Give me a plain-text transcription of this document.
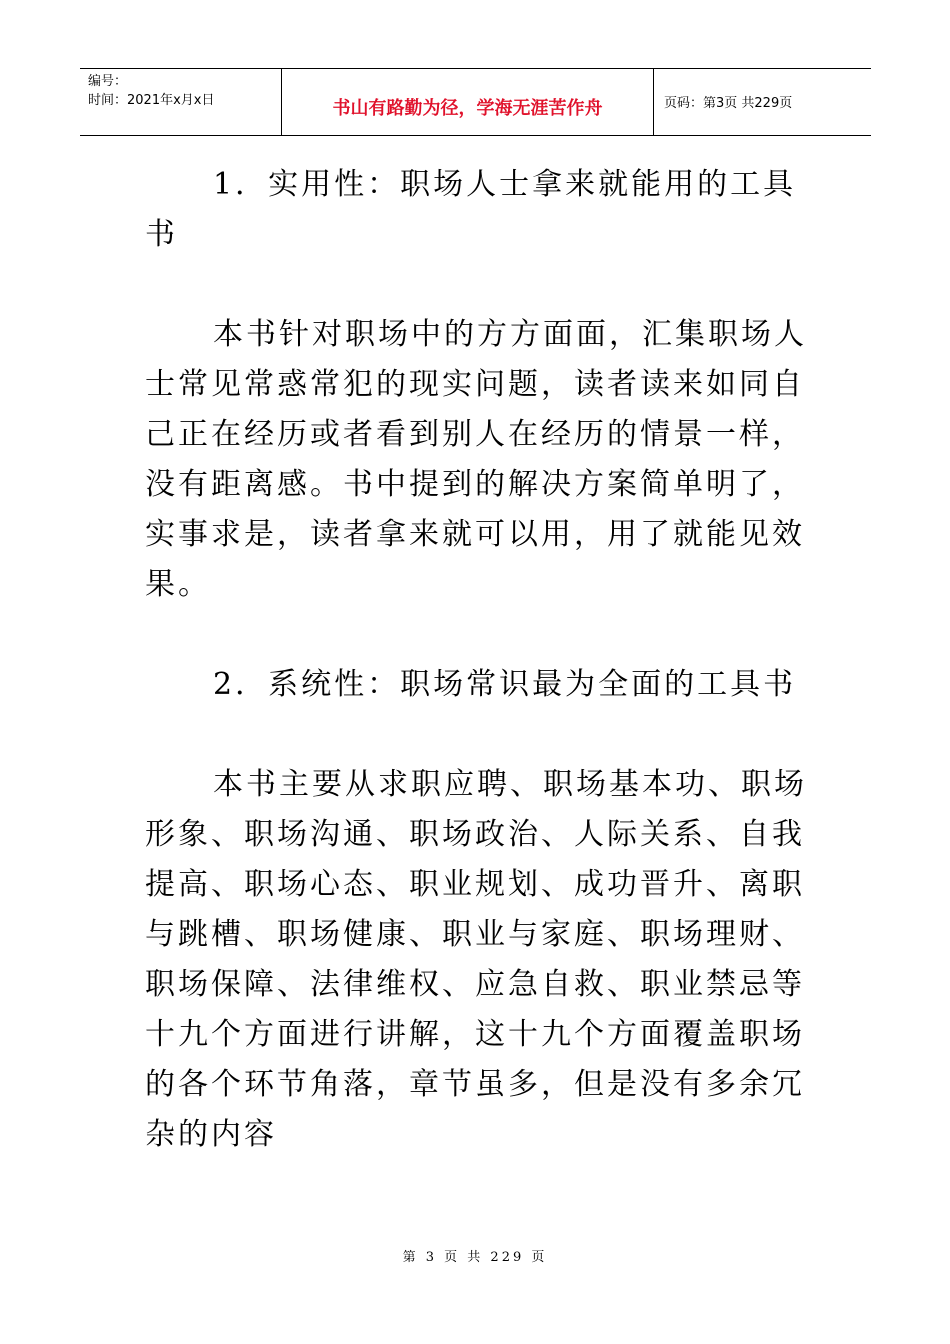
编号：
时间：2021年x月x日	书山有路勤为径，学海无涯苦作舟	页码：第3页 共229页

1．实用性：职场人士拿来就能用的工具书

本书针对职场中的方方面面，汇集职场人士常见常惑常犯的现实问题，读者读来如同自己正在经历或者看到别人在经历的情景一样，没有距离感。书中提到的解决方案简单明了，实事求是，读者拿来就可以用，用了就能见效果。

2．系统性：职场常识最为全面的工具书

本书主要从求职应聘、职场基本功、职场形象、职场沟通、职场政治、人际关系、自我提高、职场心态、职业规划、成功晋升、离职与跳槽、职场健康、职业与家庭、职场理财、职场保障、法律维权、应急自救、职业禁忌等十九个方面进行讲解，这十九个方面覆盖职场的各个环节角落，章节虽多，但是没有多余冗杂的内容

第 3 页 共 229 页
